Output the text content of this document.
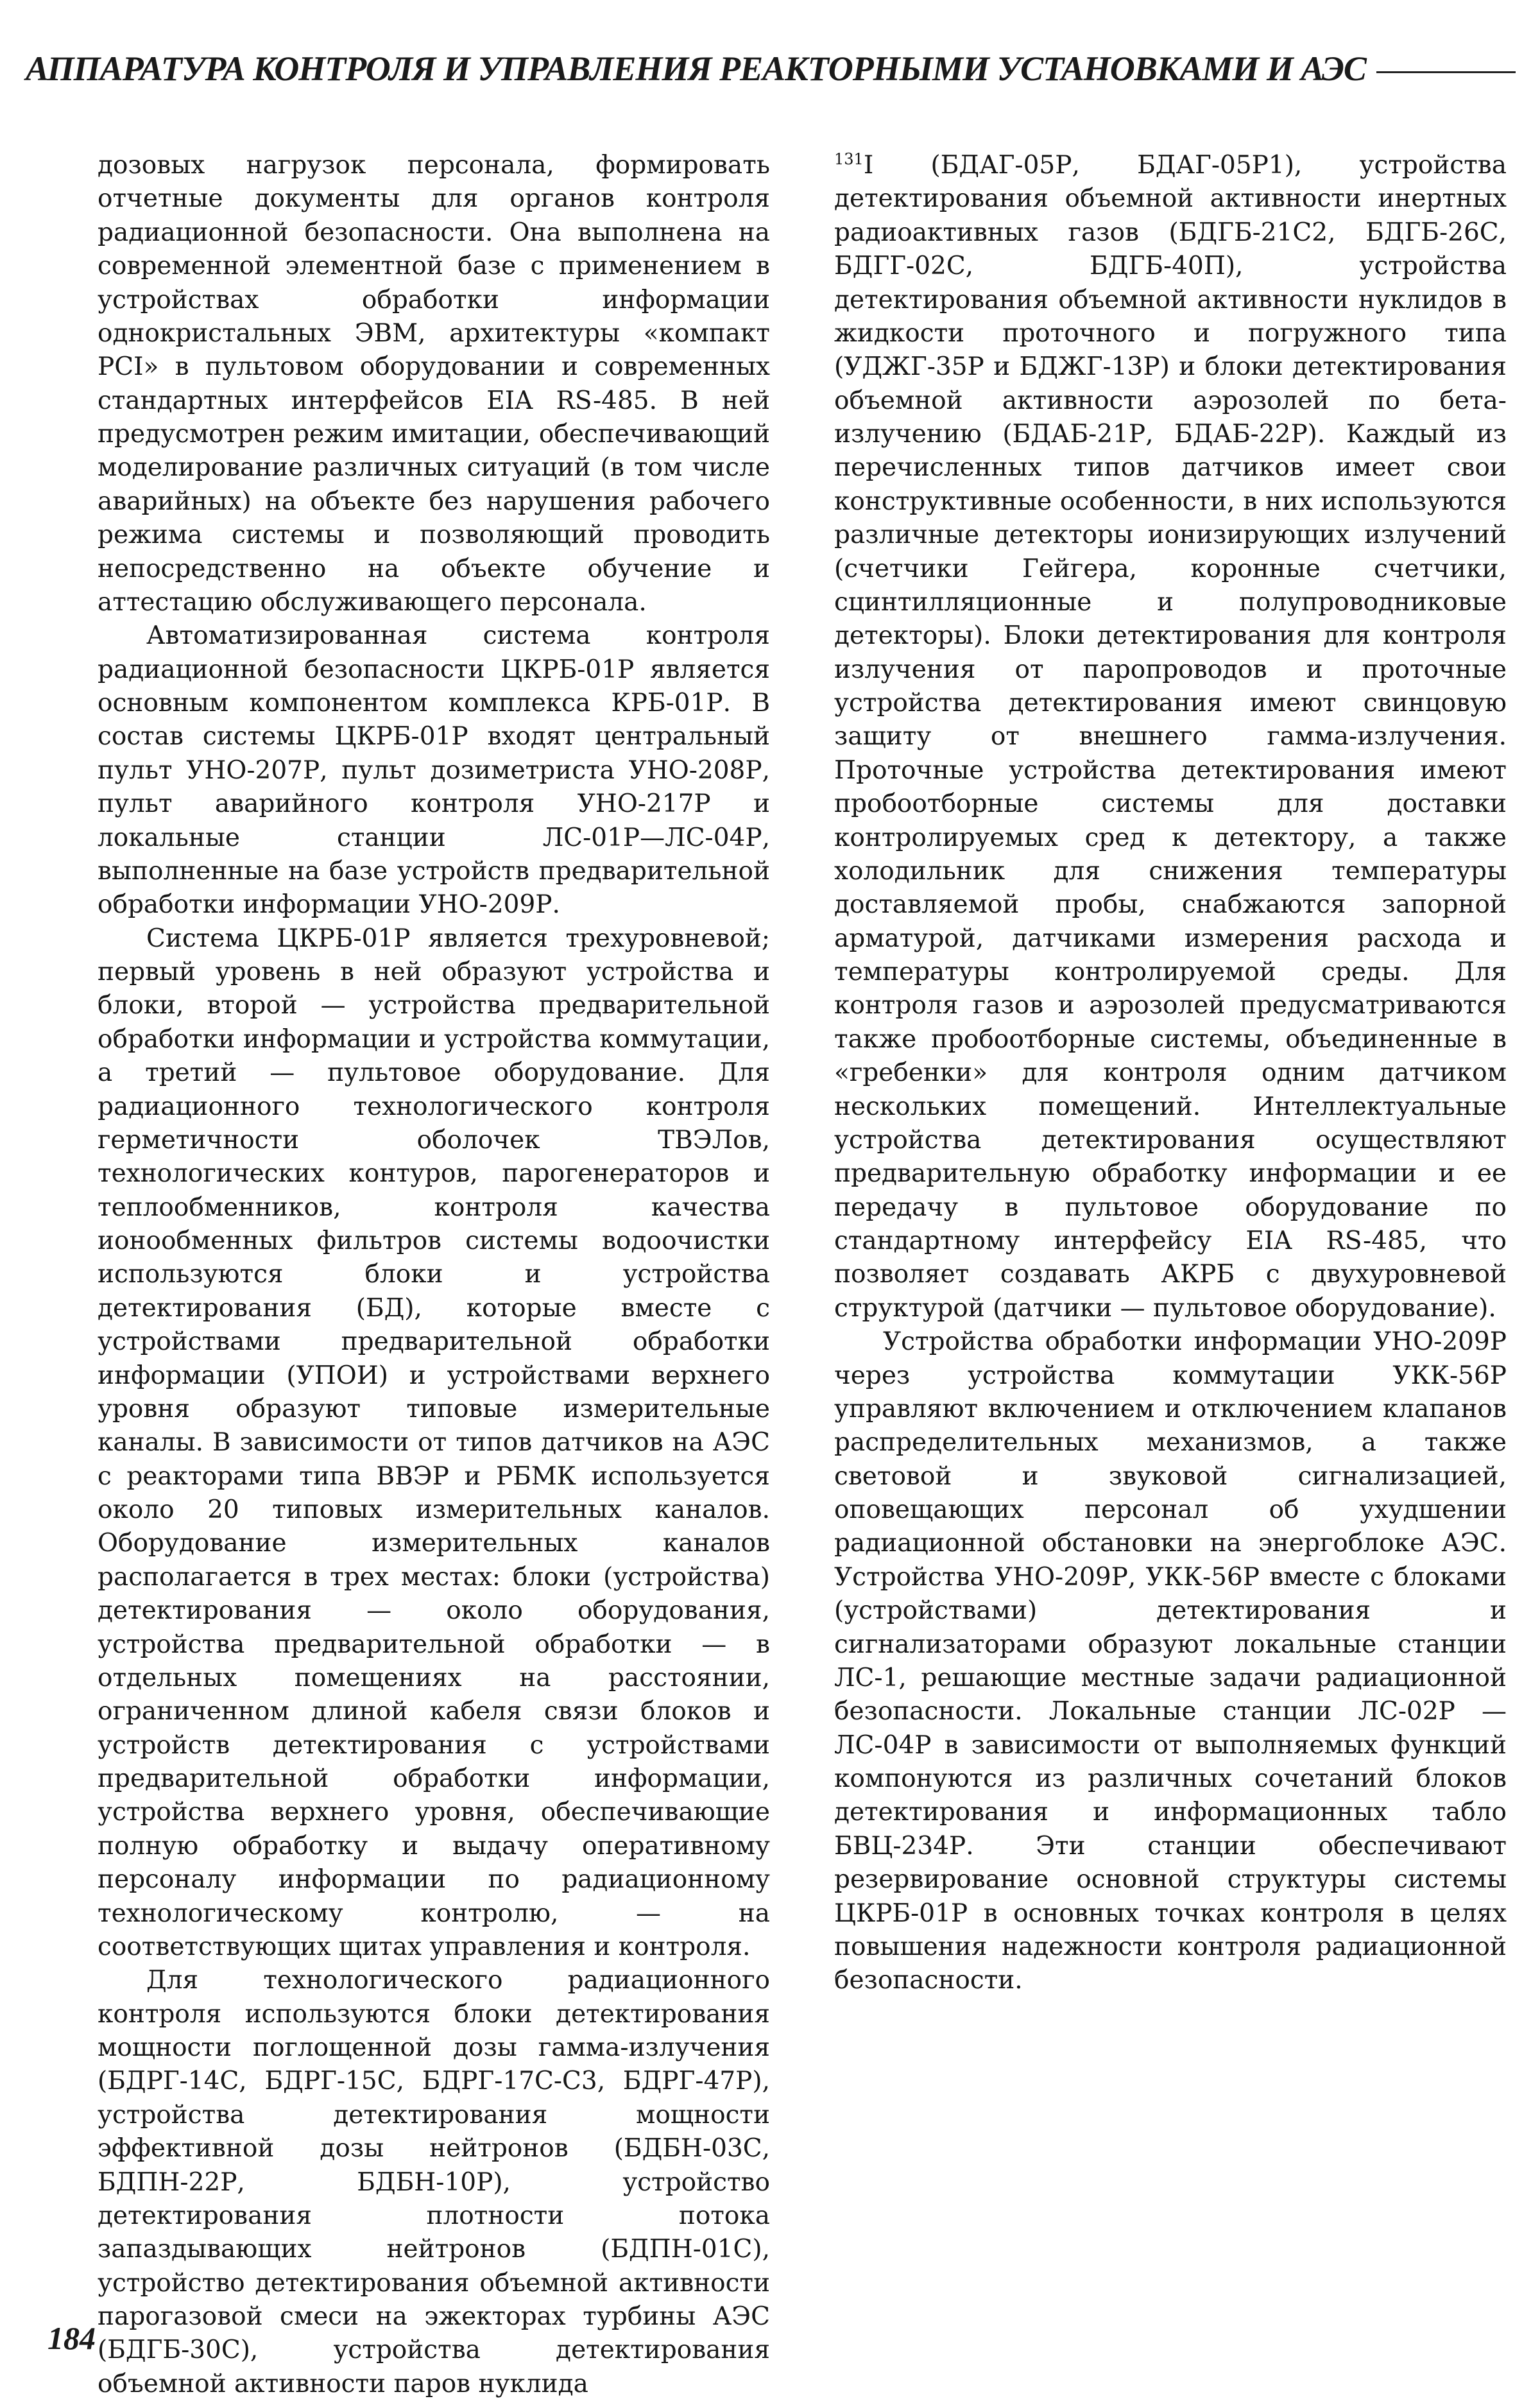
АППАРАТУРА КОНТРОЛЯ И УПРАВЛЕНИЯ РЕАКТОРНЫМИ УСТАНОВКАМИ И АЭС

дозовых нагрузок персонала, формировать отчетные документы для органов контроля радиационной безопасности. Она выполнена на современной элементной базе с применением в устройствах обработки информации однокристальных ЭВМ, архитектуры «компакт PCI» в пультовом оборудовании и современных стандартных интерфейсов EIA RS-485. В ней предусмотрен режим имитации, обеспечивающий моделирование различных ситуаций (в том числе аварийных) на объекте без нарушения рабочего режима системы и позволяющий проводить непосредственно на объекте обучение и аттестацию обслуживающего персонала.

Автоматизированная система контроля радиационной безопасности ЦКРБ-01Р является основным компонентом комплекса КРБ-01Р. В состав системы ЦКРБ-01Р входят центральный пульт УНО-207Р, пульт дозиметриста УНО-208Р, пульт аварийного контроля УНО-217Р и локальные станции ЛС-01Р—ЛС-04Р, выполненные на базе устройств предварительной обработки информации УНО-209Р.

Система ЦКРБ-01Р является трехуровневой; первый уровень в ней образуют устройства и блоки, второй — устройства предварительной обработки информации и устройства коммутации, а третий — пультовое оборудование. Для радиационного технологического контроля герметичности оболочек ТВЭЛов, технологических контуров, парогенераторов и теплообменников, контроля качества ионообменных фильтров системы водоочистки используются блоки и устройства детектирования (БД), которые вместе с устройствами предварительной обработки информации (УПОИ) и устройствами верхнего уровня образуют типовые измерительные каналы. В зависимости от типов датчиков на АЭС с реакторами типа ВВЭР и РБМК используется около 20 типовых измерительных каналов. Оборудование измерительных каналов располагается в трех местах: блоки (устройства) детектирования — около оборудования, устройства предварительной обработки — в отдельных помещениях на расстоянии, ограниченном длиной кабеля связи блоков и устройств детектирования с устройствами предварительной обработки информации, устройства верхнего уровня, обеспечивающие полную обработку и выдачу оперативному персоналу информации по радиационному технологическому контролю, — на соответствующих щитах управления и контроля.

Для технологического радиационного контроля используются блоки детектирования мощности поглощенной дозы гамма-излучения (БДРГ-14С, БДРГ-15С, БДРГ-17С-С3, БДРГ-47Р), устройства детектирования мощности эффективной дозы нейтронов (БДБН-03С, БДПН-22Р, БДБН-10Р), устройство детектирования плотности потока запаздывающих нейтронов (БДПН-01С), устройство детектирования объемной активности парогазовой смеси на эжекторах турбины АЭС (БДГБ-30С), устройства детектирования объемной активности паров нуклида

$^{131}$I (БДАГ-05Р, БДАГ-05Р1), устройства детектирования объемной активности инертных радиоактивных газов (БДГБ-21С2, БДГБ-26С, БДГГ-02С, БДГБ-40П), устройства детектирования объемной активности нуклидов в жидкости проточного и погружного типа (УДЖГ-35Р и БДЖГ-13Р) и блоки детектирования объемной активности аэрозолей по бета-излучению (БДАБ-21Р, БДАБ-22Р). Каждый из перечисленных типов датчиков имеет свои конструктивные особенности, в них используются различные детекторы ионизирующих излучений (счетчики Гейгера, коронные счетчики, сцинтилляционные и полупроводниковые детекторы). Блоки детектирования для контроля излучения от паропроводов и проточные устройства детектирования имеют свинцовую защиту от внешнего гамма-излучения. Проточные устройства детектирования имеют пробоотборные системы для доставки контролируемых сред к детектору, а также холодильник для снижения температуры доставляемой пробы, снабжаются запорной арматурой, датчиками измерения расхода и температуры контролируемой среды. Для контроля газов и аэрозолей предусматриваются также пробоотборные системы, объединенные в «гребенки» для контроля одним датчиком нескольких помещений. Интеллектуальные устройства детектирования осуществляют предварительную обработку информации и ее передачу в пультовое оборудование по стандартному интерфейсу EIA RS-485, что позволяет создавать АКРБ с двухуровневой структурой (датчики — пультовое оборудование).

Устройства обработки информации УНО-209Р через устройства коммутации УКК-56Р управляют включением и отключением клапанов распределительных механизмов, а также световой и звуковой сигнализацией, оповещающих персонал об ухудшении радиационной обстановки на энергоблоке АЭС. Устройства УНО-209Р, УКК-56Р вместе с блоками (устройствами) детектирования и сигнализаторами образуют локальные станции ЛС-1, решающие местные задачи радиационной безопасности. Локальные станции ЛС-02Р — ЛС-04Р в зависимости от выполняемых функций компонуются из различных сочетаний блоков детектирования и информационных табло БВЦ-234Р. Эти станции обеспечивают резервирование основной структуры системы ЦКРБ-01Р в основных точках контроля в целях повышения надежности контроля радиационной безопасности.

184
